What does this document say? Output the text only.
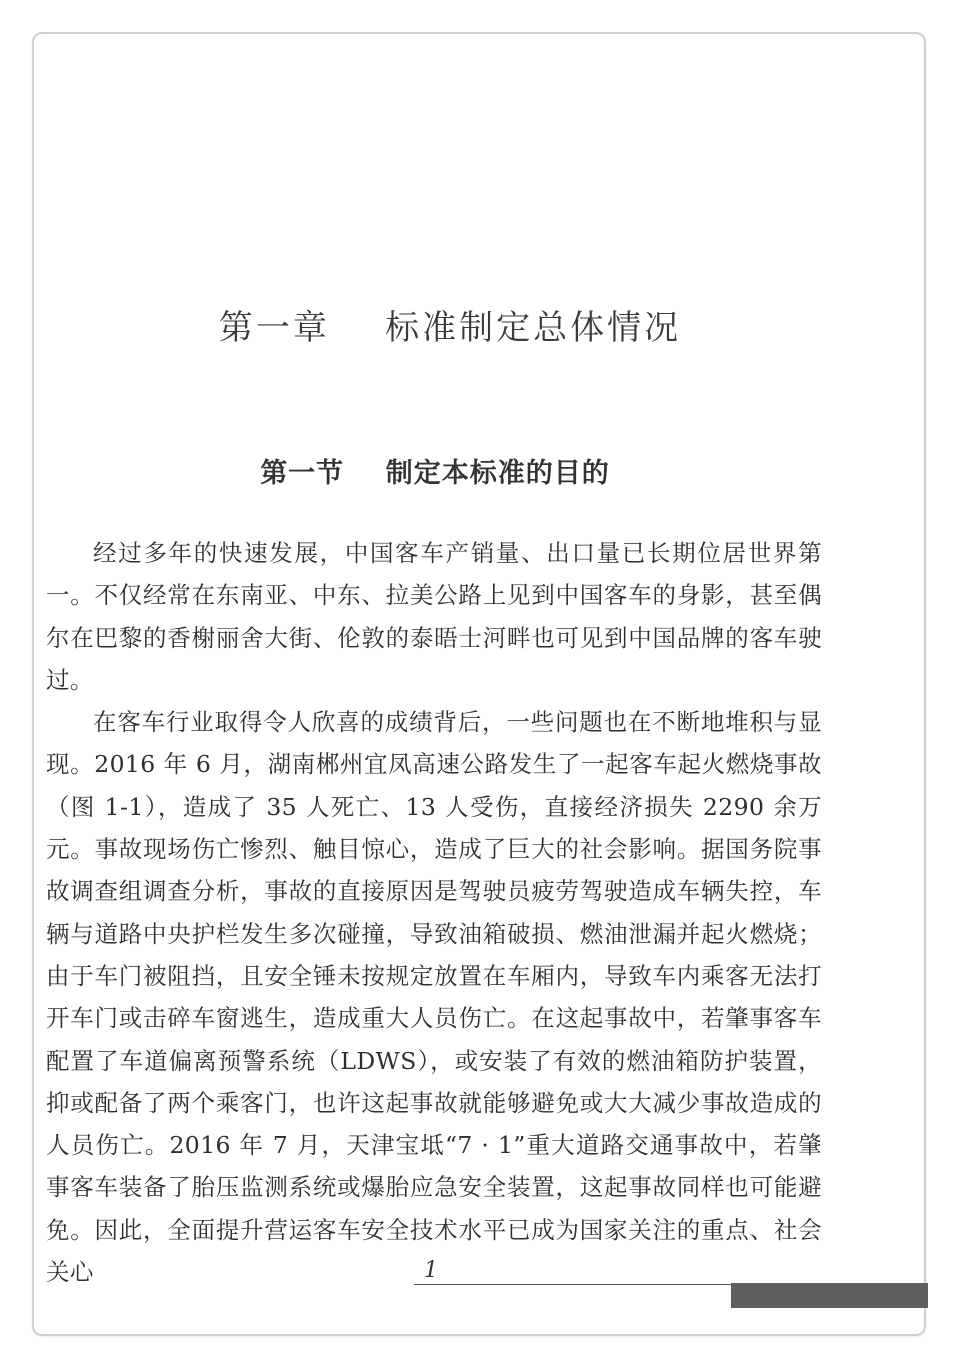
第一章    标准制定总体情况
第一节    制定本标准的目的

经过多年的快速发展，中国客车产销量、出口量已长期位居世界第一。不仅经常在东南亚、中东、拉美公路上见到中国客车的身影，甚至偶尔在巴黎的香榭丽舍大街、伦敦的泰晤士河畔也可见到中国品牌的客车驶过。

在客车行业取得令人欣喜的成绩背后，一些问题也在不断地堆积与显现。2016 年 6 月，湖南郴州宜凤高速公路发生了一起客车起火燃烧事故（图 1-1），造成了 35 人死亡、13 人受伤，直接经济损失 2290 余万元。事故现场伤亡惨烈、触目惊心，造成了巨大的社会影响。据国务院事故调查组调查分析，事故的直接原因是驾驶员疲劳驾驶造成车辆失控，车辆与道路中央护栏发生多次碰撞，导致油箱破损、燃油泄漏并起火燃烧；由于车门被阻挡，且安全锤未按规定放置在车厢内，导致车内乘客无法打开车门或击碎车窗逃生，造成重大人员伤亡。在这起事故中，若肇事客车配置了车道偏离预警系统（LDWS），或安装了有效的燃油箱防护装置，抑或配备了两个乘客门，也许这起事故就能够避免或大大减少事故造成的人员伤亡。2016 年 7 月，天津宝坻“7 · 1”重大道路交通事故中，若肇事客车装备了胎压监测系统或爆胎应急安全装置，这起事故同样也可能避免。因此，全面提升营运客车安全技术水平已成为国家关注的重点、社会关心	1
